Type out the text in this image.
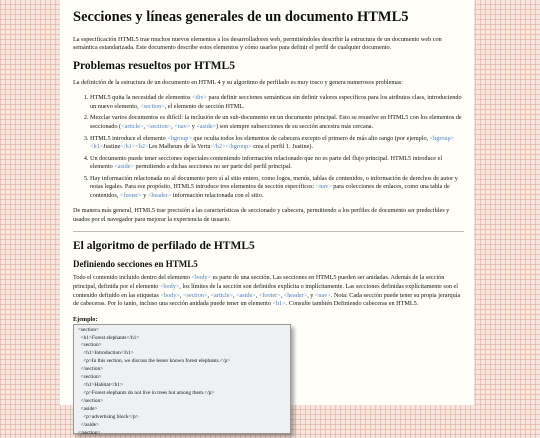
Secciones y líneas generales de un documento HTML5

La especificación HTML5 trae muchos nuevos elementos a los desarrolladores web, permitiéndoles describir la estructura de un documento web con semántica estandarizada. Este documento describe estos elementos y cómo usarlos para definir el perfil de cualquier documento.

Problemas resueltos por HTML5

La definición de la estructura de un documento en HTML 4 y su algoritmo de perfilado es muy tosco y genera numerosos problemas:

1. HTML5 quita la necesidad de elementos <div> para definir secciones semánticas sin definir valores específicos para los atributos class, introduciendo un nuevo elemento, <section>, el elemento de sección HTML.
2. Mezclar varios documentos es difícil: la inclusión de un sub-documento en un documento principal. Esto se resuelve en HTML5 con los elementos de seccionado (<article>, <section>, <nav> y <aside>) son siempre subsecciones de su sección ancestra más cercana.
3. HTML5 introduce el elemento <hgroup> que oculta todos los elementos de cabecera excepto el primero de más alto rango (por ejemplo, <hgroup><h1>Justine</h1><h2>Les Malheurs de la Vertu</h2></hgroup> crea el perfil 1. Justine).
4. Un documento puede tener secciones especiales conteniendo información relacionado que no es parte del flujo principal. HTML5 introduce el elemento <aside> permitiendo a dichas secciones no ser parte del perfil principal.
5. Hay información relacionada no al documento pero sí al sitio entero, como logos, menús, tablas de contenidos, o información de derechos de autor y notas legales. Para ese propósito, HTML5 introduce tres elementos de sección específicos: <nav> para colecciones de enlaces, como una tabla de contenidos, <footer> y <header> información relacionada con el sitio.

De manera más general, HTML5 trae precisión a las características de seccionado y cabecera, permitiendo a los perfiles de documento ser predecibles y usados por el navegador para mejorar la experiencia de usuario.

El algoritmo de perfilado de HTML5
Definiendo secciones en HTML5

Todo el contenido incluido dentro del elemento <body> es parte de una sección. Las secciones en HTML5 pueden ser anidadas. Además de la sección principal, definida por el elemento <body>, los límites de la sección son definidos explícita o implícitamente. Las secciones definidas explícitamente son el contenido definido en las etiquetas <body>, <section>, <article>, <aside>, <footer>, <header>, y <nav>. Nota: Cada sección puede tener su propia jerarquía de cabeceras. Por lo tanto, incluso una sección anidada puede tener un elemento <h1>. Consulte también Definiendo cabeceras en HTML5.

Ejemplo:
<section>
<h1>Forest elephants</h1>
<section>
<h1>Introduction</h1>
<p>In this section, we discuss the lesser known forest elephants.</p>
</section>
<section>
<h1>Habitat</h1>
<p>Forest elephants do not live in trees but among them.</p>
</section>
<aside>
<p>advertising block</p>
</aside>
</section>
